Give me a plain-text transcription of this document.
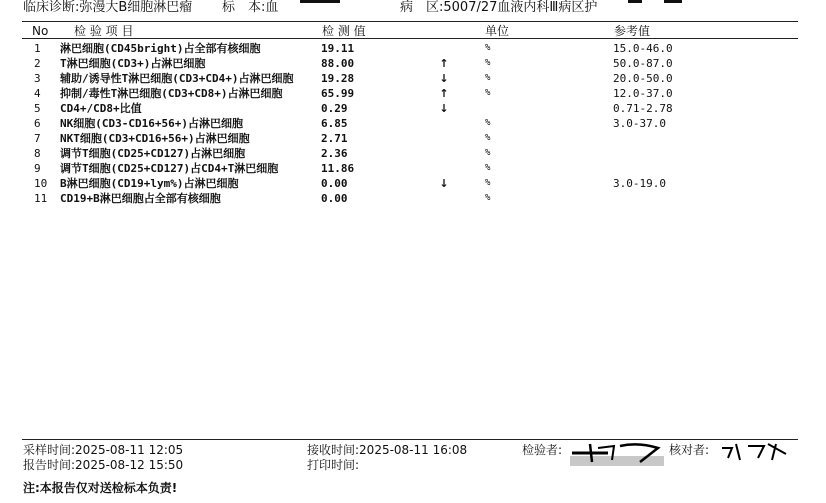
临床诊断:弥漫大B细胞淋巴瘤 标　本:血	病　区:5007/27血液内科Ⅲ病区护
No 检 验 项 目	检 测 值	单位	参考值
1 淋巴细胞(CD45bright)占全部有核细胞	19.11	%	15.0-46.0
2 T淋巴细胞(CD3+)占淋巴细胞	88.00	↑	%	50.0-87.0
3 辅助/诱导性T淋巴细胞(CD3+CD4+)占淋巴细胞	19.28	↓	%	20.0-50.0
4 抑制/毒性T淋巴细胞(CD3+CD8+)占淋巴细胞	65.99	↑	%	12.0-37.0
5 CD4+/CD8+比值	0.29	↓	0.71-2.78
6 NK细胞(CD3-CD16+56+)占淋巴细胞	6.85	%	3.0-37.0
7 NKT细胞(CD3+CD16+56+)占淋巴细胞	2.71	%
8 调节T细胞(CD25+CD127)占淋巴细胞	2.36	%
9 调节T细胞(CD25+CD127)占CD4+T淋巴细胞	11.86	%
10 B淋巴细胞(CD19+lym%)占淋巴细胞	0.00	↓	%	3.0-19.0
11 CD19+B淋巴细胞占全部有核细胞	0.00	%
采样时间:2025-08-11 12:05
报告时间:2025-08-12 15:50
接收时间:2025-08-11 16:08
打印时间:
检验者:	核对者:
注:本报告仅对送检标本负责!
